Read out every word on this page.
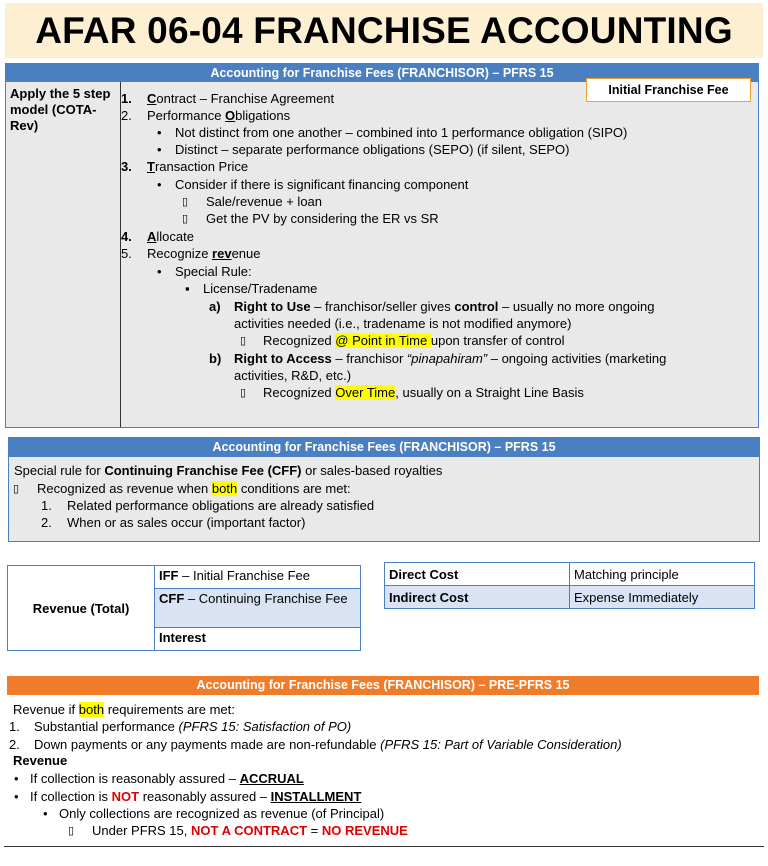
AFAR 06-04 FRANCHISE ACCOUNTING
Accounting for Franchise Fees (FRANCHISOR) – PFRS 15
Apply the 5 step model (COTA-Rev)
Initial Franchise Fee
1. Contract – Franchise Agreement
2. Performance Obligations
• Not distinct from one another – combined into 1 performance obligation (SIPO)
• Distinct – separate performance obligations (SEPO) (if silent, SEPO)
3. Transaction Price
• Consider if there is significant financing component
▯ Sale/revenue + loan
▯ Get the PV by considering the ER vs SR
4. Allocate
5. Recognize revenue
• Special Rule:
▪ License/Tradename
a) Right to Use – franchisor/seller gives control – usually no more ongoing
activities needed (i.e., tradename is not modified anymore)
▯ Recognized @ Point in Time upon transfer of control
b) Right to Access – franchisor “pinapahiram” – ongoing activities (marketing
activities, R&D, etc.)
▯ Recognized Over Time, usually on a Straight Line Basis
Accounting for Franchise Fees (FRANCHISOR) – PFRS 15
Special rule for Continuing Franchise Fee (CFF) or sales-based royalties
▯ Recognized as revenue when both conditions are met:
1. Related performance obligations are already satisfied
2. When or as sales occur (important factor)
Revenue (Total)	IFF – Initial Franchise Fee
CFF – Continuing Franchise Fee
Interest
Direct Cost	Matching principle
Indirect Cost	Expense Immediately
Accounting for Franchise Fees (FRANCHISOR) – PRE-PFRS 15
Revenue if both requirements are met:
1. Substantial performance (PFRS 15: Satisfaction of PO)
2. Down payments or any payments made are non-refundable (PFRS 15: Part of Variable Consideration)
Revenue
• If collection is reasonably assured – ACCRUAL
• If collection is NOT reasonably assured – INSTALLMENT
• Only collections are recognized as revenue (of Principal)
▯ Under PFRS 15, NOT A CONTRACT = NO REVENUE
